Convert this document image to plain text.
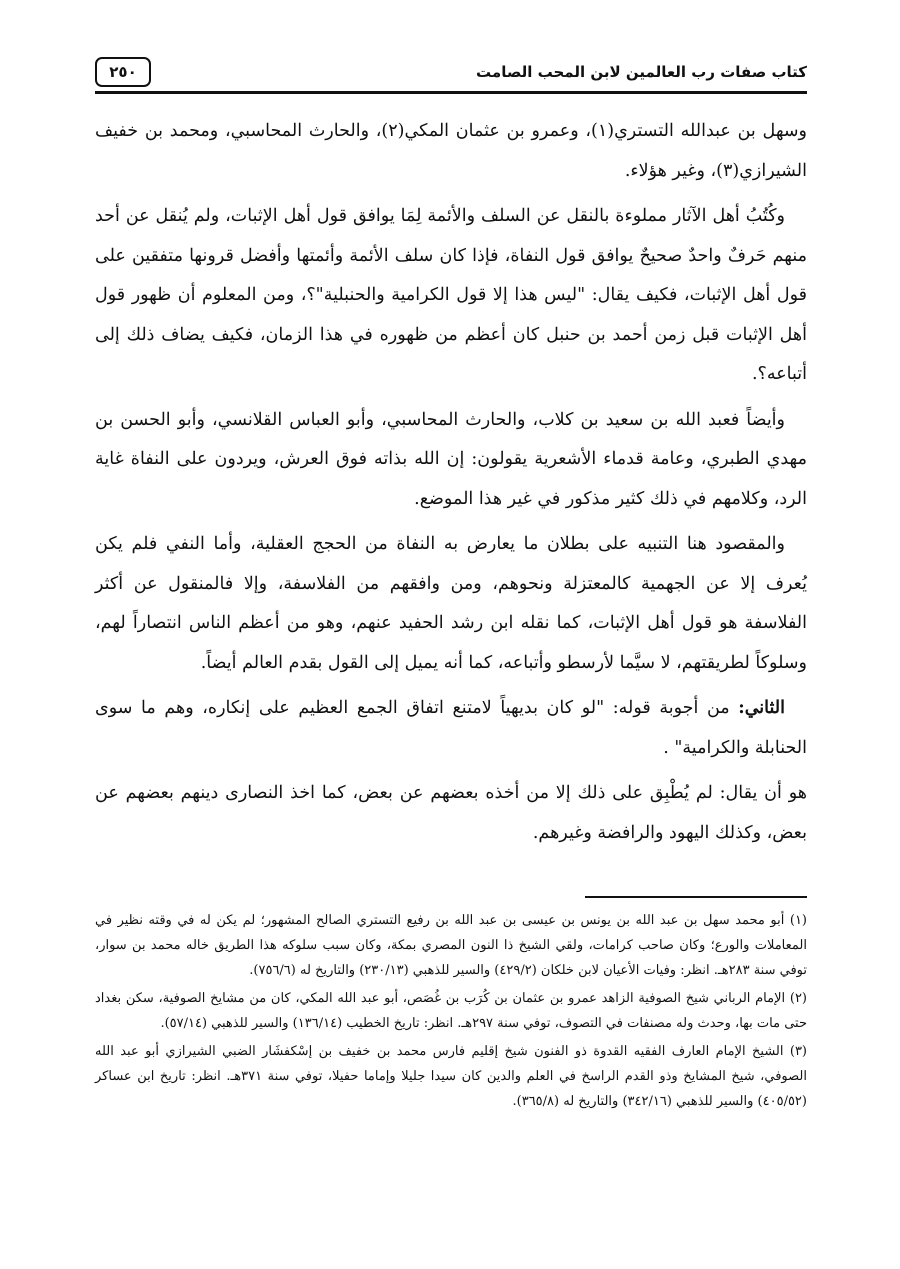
كتاب صفات رب العالمين لابن المحب الصامت
٢٥٠

وسهل بن عبدالله التستري(١)، وعمرو بن عثمان المكي(٢)، والحارث المحاسبي، ومحمد بن خفيف الشيرازي(٣)، وغير هؤلاء.

وكُتُبُ أهل الآثار مملوءة بالنقل عن السلف والأئمة لِمَا يوافق قول أهل الإثبات، ولم يُنقل عن أحد منهم حَرفٌ واحدٌ صحيحٌ يوافق قول النفاة، فإذا كان سلف الأئمة وأئمتها وأفضل قرونها متفقين على قول أهل الإثبات، فكيف يقال: "ليس هذا إلا قول الكرامية والحنبلية"؟، ومن المعلوم أن ظهور قول أهل الإثبات قبل زمن أحمد بن حنبل كان أعظم من ظهوره في هذا الزمان، فكيف يضاف ذلك إلى أتباعه؟.

وأيضاً فعبد الله بن سعيد بن كلاب، والحارث المحاسبي، وأبو العباس القلانسي، وأبو الحسن بن مهدي الطبري، وعامة قدماء الأشعرية يقولون: إن الله بذاته فوق العرش، ويردون على النفاة غاية الرد، وكلامهم في ذلك كثير مذكور في غير هذا الموضع.

والمقصود هنا التنبيه على بطلان ما يعارض به النفاة من الحجج العقلية، وأما النفي فلم يكن يُعرف إلا عن الجهمية كالمعتزلة ونحوهم، ومن وافقهم من الفلاسفة، وإلا فالمنقول عن أكثر الفلاسفة هو قول أهل الإثبات، كما نقله ابن رشد الحفيد عنهم، وهو من أعظم الناس انتصاراً لهم، وسلوكاً لطريقتهم، لا سيَّما لأرسطو وأتباعه، كما أنه يميل إلى القول بقدم العالم أيضاً.

الثاني: من أجوبة قوله: "لو كان بديهياً لامتنع اتفاق الجمع العظيم على إنكاره، وهم ما سوى الحنابلة والكرامية" .

هو أن يقال: لم يُطْبِق على ذلك إلا من أخذه بعضهم عن بعض، كما اخذ النصارى دينهم بعضهم عن بعض، وكذلك اليهود والرافضة وغيرهم.

(١) أبو محمد سهل بن عبد الله بن يونس بن عيسى بن عبد الله بن رفيع التستري الصالح المشهور؛ لم يكن له في وقته نظير في المعاملات والورع؛ وكان صاحب كرامات، ولقي الشيخ ذا النون المصري بمكة، وكان سبب سلوكه هذا الطريق خاله محمد بن سوار، توفي سنة ٢٨٣هـ. انظر: وفيات الأعيان لابن خلكان (٤٢٩/٢) والسير للذهبي (٢٣٠/١٣) والتاريخ له (٧٥٦/٦).

(٢) الإمام الرباني شيخ الصوفية الزاهد عمرو بن عثمان بن كُرَب بن غُصَص، أبو عبد الله المكي، كان من مشايخ الصوفية، سكن بغداد حتى مات بها، وحدث وله مصنفات في التصوف، توفي سنة ٢٩٧هـ. انظر: تاريخ الخطيب (١٣٦/١٤) والسير للذهبي (٥٧/١٤).

(٣) الشيخ الإمام العارف الفقيه القدوة ذو الفنون شيخ إقليم فارس محمد بن خفيف بن إسْكفشَار الضبي الشيرازي أبو عبد الله الصوفي، شيخ المشايخ وذو القدم الراسخ في العلم والدين كان سيدا جليلا وإماما حفيلا، توفي سنة ٣٧١هـ. انظر: تاريخ ابن عساكر (٤٠٥/٥٢) والسير للذهبي (٣٤٢/١٦) والتاريخ له (٣٦٥/٨).
